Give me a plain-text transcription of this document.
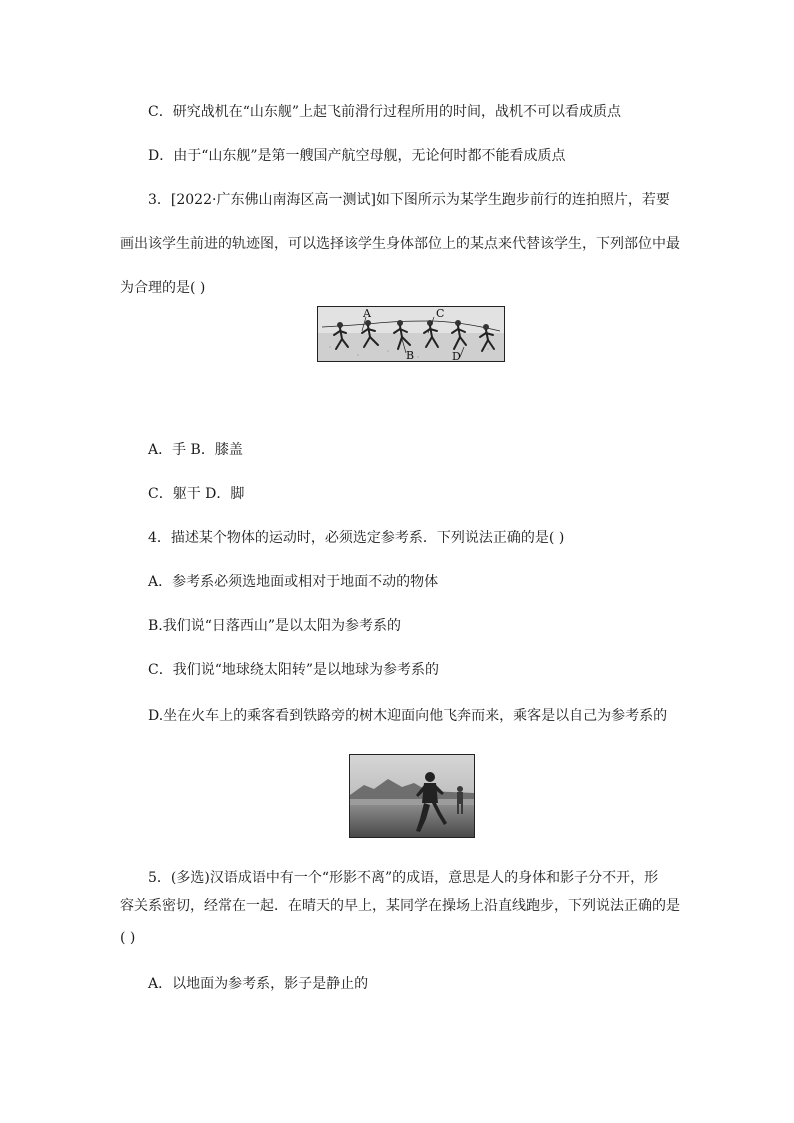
C．研究战机在“山东舰”上起飞前滑行过程所用的时间，战机不可以看成质点
D．由于“山东舰”是第一艘国产航空母舰，无论何时都不能看成质点
3．[2022·广东佛山南海区高一测试]如下图所示为某学生跑步前行的连拍照片，若要
画出该学生前进的轨迹图，可以选择该学生身体部位上的某点来代替该学生，下列部位中最
为合理的是( )
A	C
B	D
A．手 B．膝盖
C．躯干 D．脚
4．描述某个物体的运动时，必须选定参考系．下列说法正确的是( )
A．参考系必须选地面或相对于地面不动的物体
B.我们说“日落西山”是以太阳为参考系的
C．我们说“地球绕太阳转”是以地球为参考系的
D.坐在火车上的乘客看到铁路旁的树木迎面向他飞奔而来，乘客是以自己为参考系的
5．(多选)汉语成语中有一个“形影不离”的成语，意思是人的身体和影子分不开，形
容关系密切，经常在一起．在晴天的早上，某同学在操场上沿直线跑步，下列说法正确的是
( )
A．以地面为参考系，影子是静止的
